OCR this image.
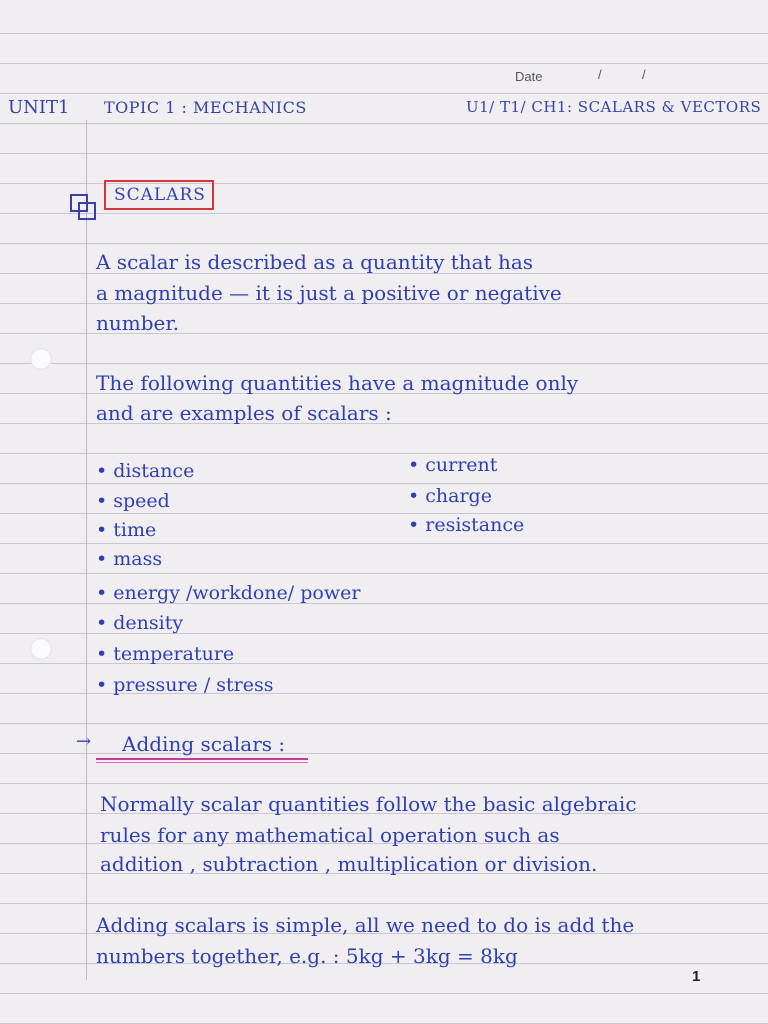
Date	/	/
UNIT1 TOPIC 1 : MECHANICS	U1/ T1/ CH1: SCALARS & VECTORS
SCALARS
A scalar is described as a quantity that has
a magnitude — it is just a positive or negative
number.
The following quantities have a magnitude only
and are examples of scalars :
• distance
• speed
• time
• mass
• energy /workdone/ power
• density
• temperature
• pressure / stress
• current
• charge
• resistance
→ Adding scalars :
Normally scalar quantities follow the basic algebraic
rules for any mathematical operation such as
addition , subtraction , multiplication or division.
Adding scalars is simple, all we need to do is add the
numbers together, e.g. : 5kg + 3kg = 8kg
1
